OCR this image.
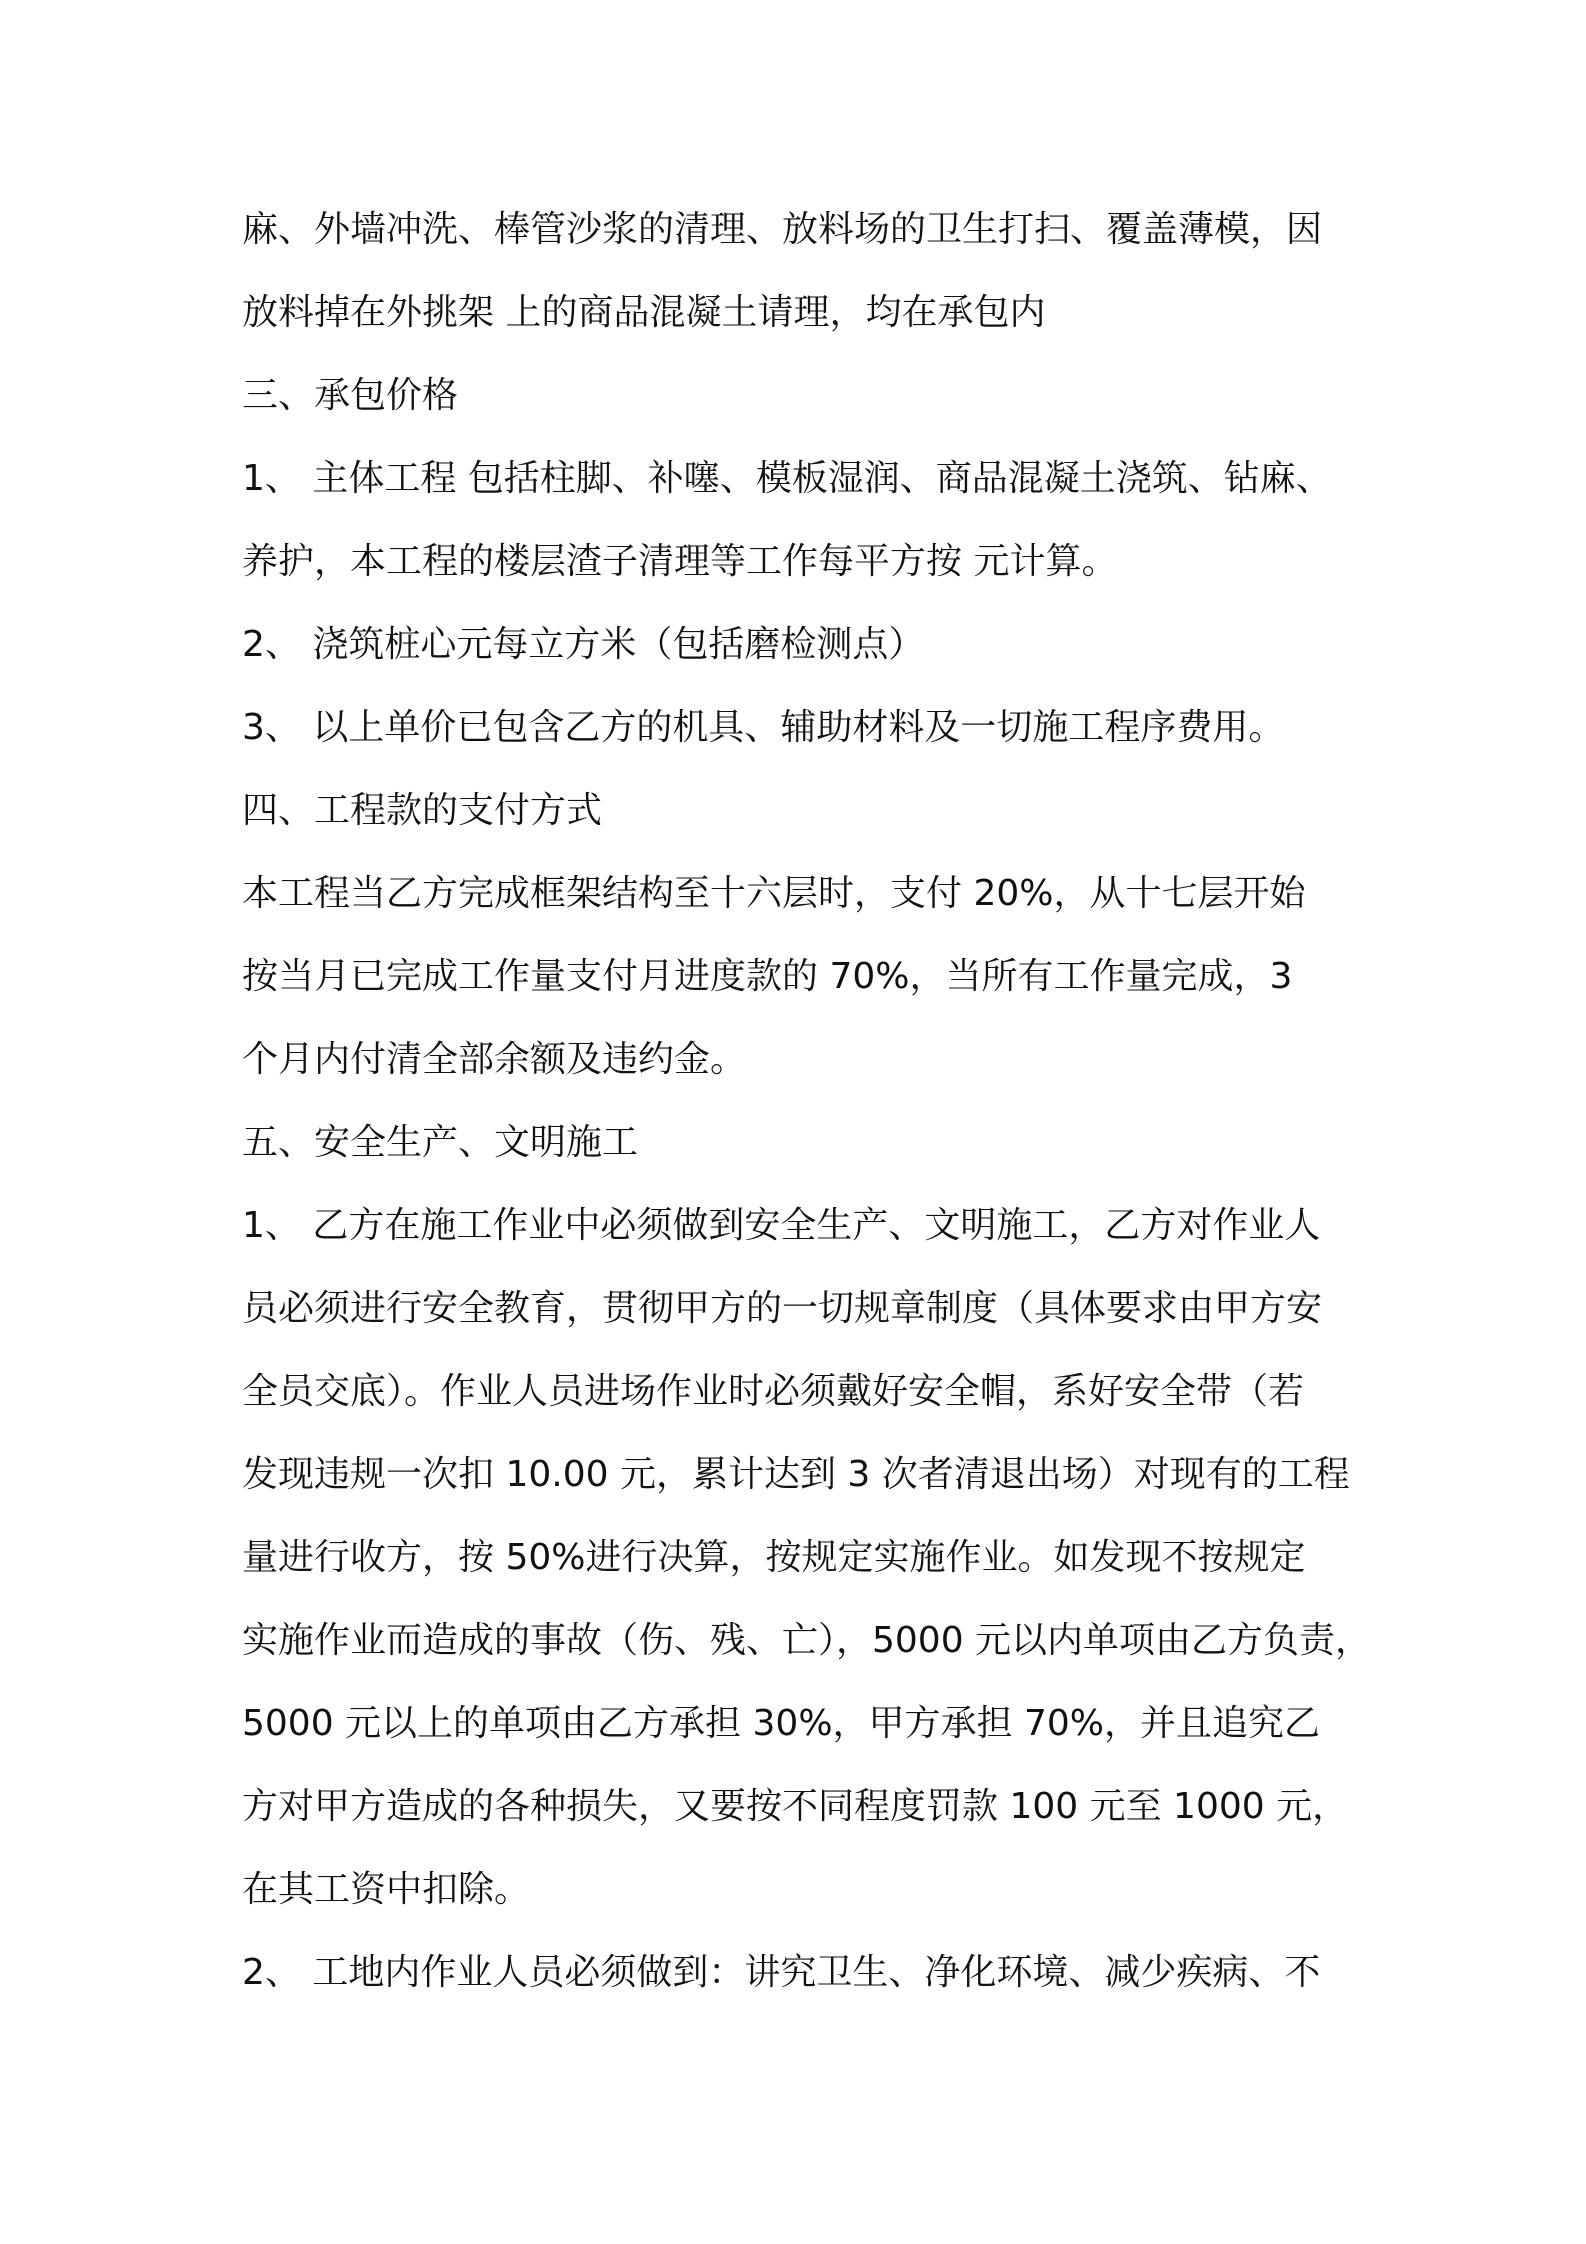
麻、外墙冲洗、棒管沙浆的清理、放料场的卫生打扫、覆盖薄模，因
放料掉在外挑架 上的商品混凝土请理，均在承包内
三、承包价格
1、 主体工程 包括柱脚、补噻、模板湿润、商品混凝土浇筑、钻麻、
养护，本工程的楼层渣子清理等工作每平方按 元计算。
2、 浇筑桩心元每立方米（包括磨检测点）
3、 以上单价已包含乙方的机具、辅助材料及一切施工程序费用。
四、工程款的支付方式
本工程当乙方完成框架结构至十六层时，支付 20%，从十七层开始
按当月已完成工作量支付月进度款的 70%，当所有工作量完成，3
个月内付清全部余额及违约金。
五、安全生产、文明施工
1、 乙方在施工作业中必须做到安全生产、文明施工，乙方对作业人
员必须进行安全教育，贯彻甲方的一切规章制度（具体要求由甲方安
全员交底）。作业人员进场作业时必须戴好安全帽，系好安全带（若
发现违规一次扣 10.00 元，累计达到 3 次者清退出场）对现有的工程
量进行收方，按 50%进行决算，按规定实施作业。如发现不按规定
实施作业而造成的事故（伤、残、亡），5000 元以内单项由乙方负责，
5000 元以上的单项由乙方承担 30%，甲方承担 70%，并且追究乙
方对甲方造成的各种损失，又要按不同程度罚款 100 元至 1000 元，
在其工资中扣除。
2、 工地内作业人员必须做到：讲究卫生、净化环境、减少疾病、不
